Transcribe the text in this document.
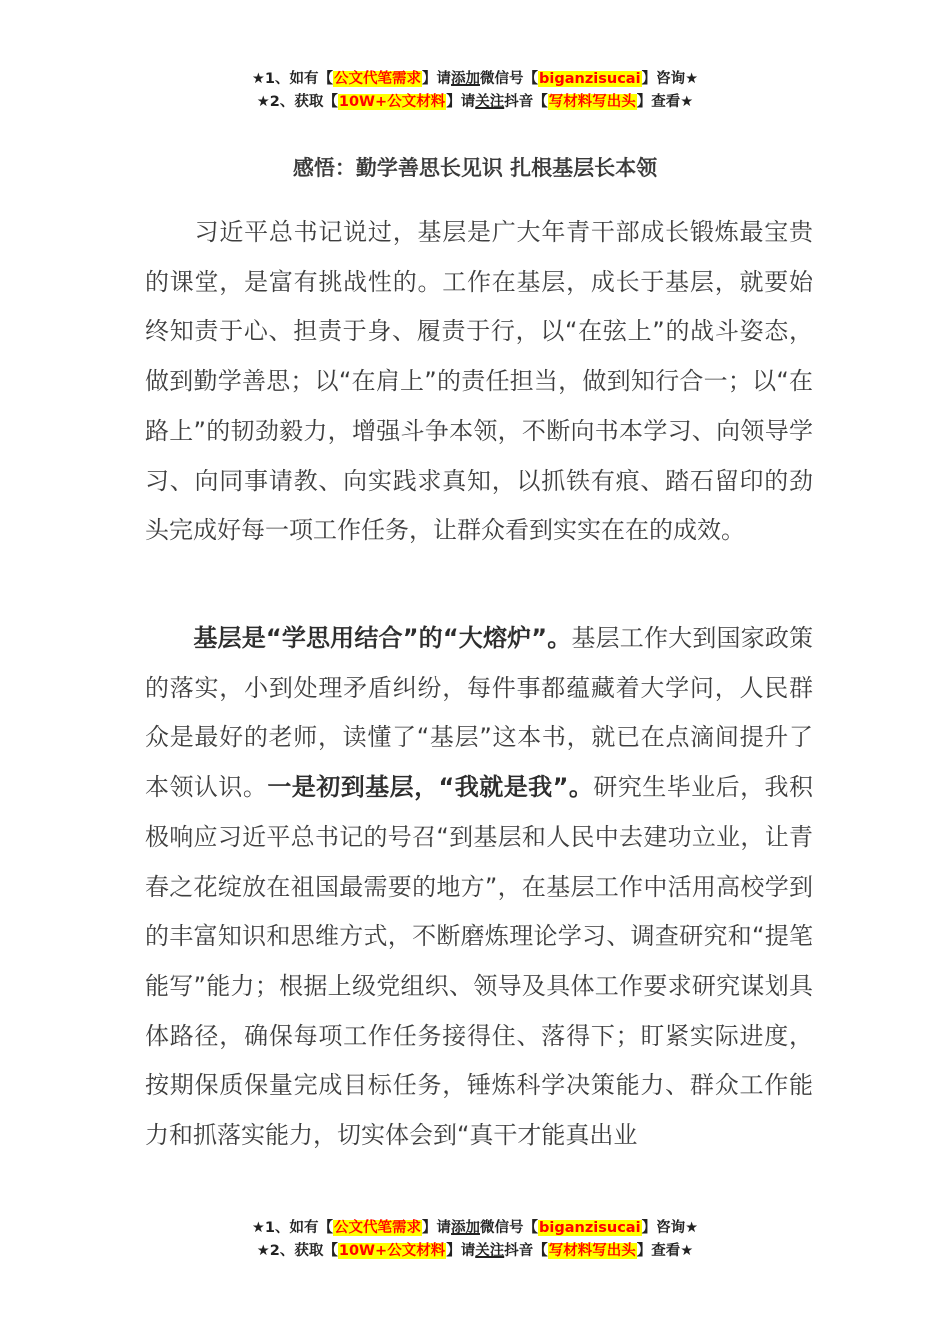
★1、如有【公文代笔需求】请添加微信号【biganzisucai】咨询★
★2、获取【10W+公文材料】请关注抖音【写材料写出头】查看★
感悟：勤学善思长见识 扎根基层长本领

　　习近平总书记说过，基层是广大年青干部成长锻炼最宝贵的课堂，是富有挑战性的。工作在基层，成长于基层，就要始终知责于心、担责于身、履责于行，以“在弦上”的战斗姿态，做到勤学善思；以“在肩上”的责任担当，做到知行合一；以“在路上”的韧劲毅力，增强斗争本领，不断向书本学习、向领导学习、向同事请教、向实践求真知，以抓铁有痕、踏石留印的劲头完成好每一项工作任务，让群众看到实实在在的成效。

　　基层是“学思用结合”的“大熔炉”。基层工作大到国家政策的落实，小到处理矛盾纠纷，每件事都蕴藏着大学问，人民群众是最好的老师，读懂了“基层”这本书，就已在点滴间提升了本领认识。一是初到基层，“我就是我”。研究生毕业后，我积极响应习近平总书记的号召“到基层和人民中去建功立业，让青春之花绽放在祖国最需要的地方”，在基层工作中活用高校学到的丰富知识和思维方式，不断磨炼理论学习、调查研究和“提笔能写”能力；根据上级党组织、领导及具体工作要求研究谋划具体路径，确保每项工作任务接得住、落得下；盯紧实际进度，按期保质保量完成目标任务，锤炼科学决策能力、群众工作能力和抓落实能力，切实体会到“真干才能真出业

★1、如有【公文代笔需求】请添加微信号【biganzisucai】咨询★
★2、获取【10W+公文材料】请关注抖音【写材料写出头】查看★
